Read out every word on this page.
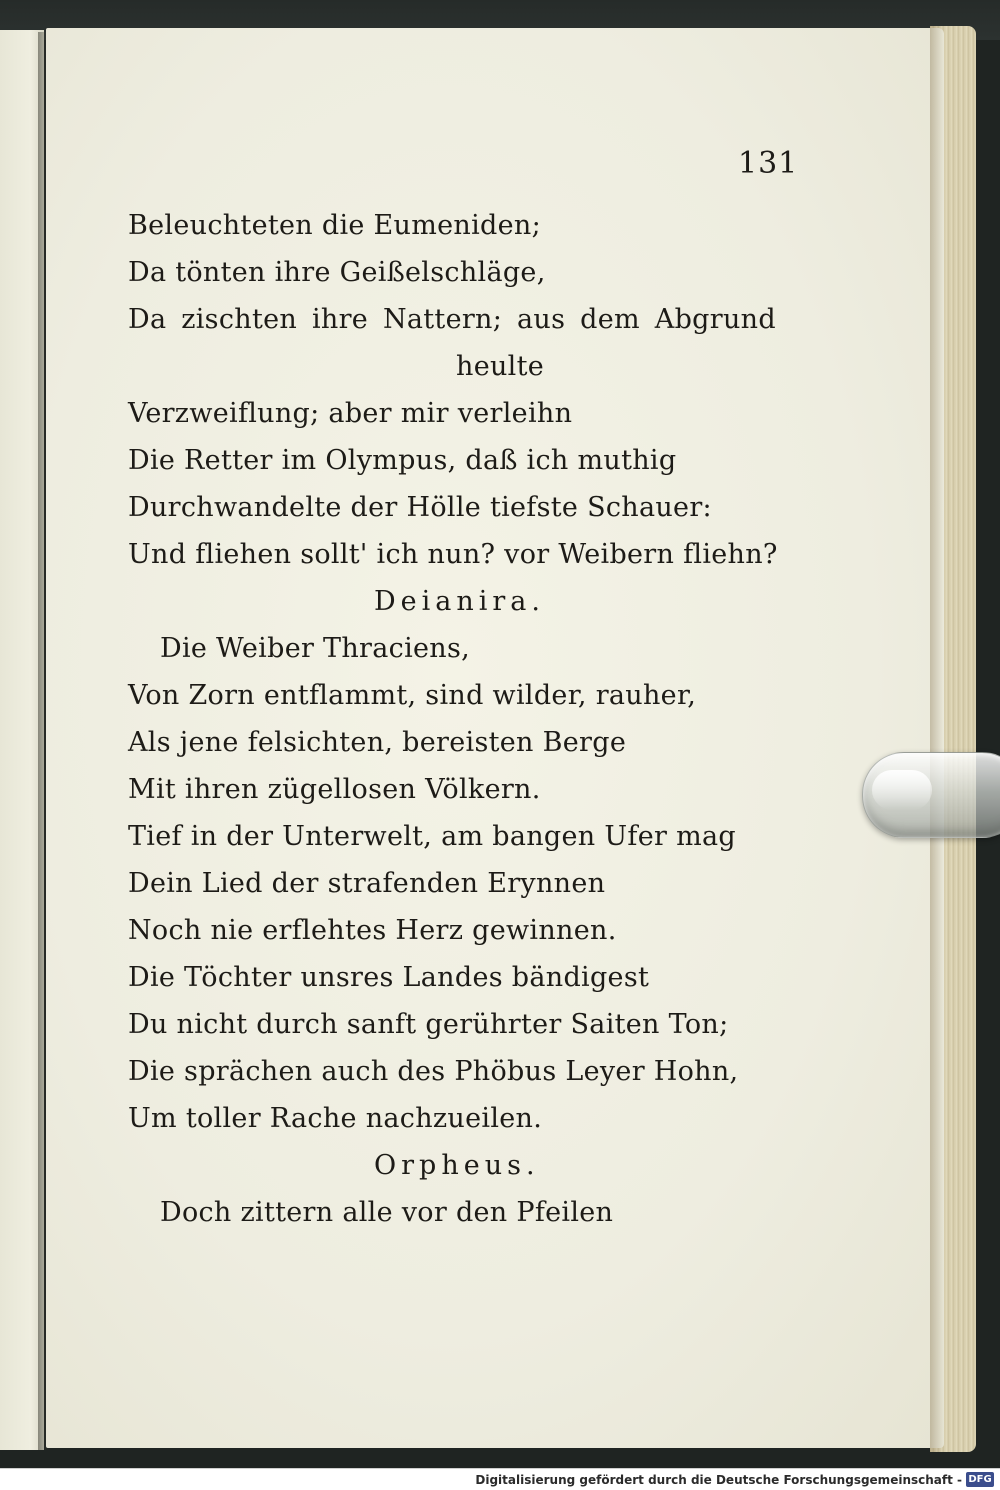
131
Beleuchteten die Eumeniden;
Da tönten ihre Geißelschläge,
Da zischten ihre Nattern; aus dem Abgrund
heulte
Verzweiflung; aber mir verleihn
Die Retter im Olympus, daß ich muthig
Durchwandelte der Hölle tiefste Schauer:
Und fliehen sollt' ich nun? vor Weibern fliehn?
Deianira.
Die Weiber Thraciens,
Von Zorn entflammt, sind wilder, rauher,
Als jene felsichten, bereisten Berge
Mit ihren zügellosen Völkern.
Tief in der Unterwelt, am bangen Ufer mag
Dein Lied der strafenden Erynnen
Noch nie erflehtes Herz gewinnen.
Die Töchter unsres Landes bändigest
Du nicht durch sanft gerührter Saiten Ton;
Die sprächen auch des Phöbus Leyer Hohn,
Um toller Rache nachzueilen.
Orpheus.
Doch zittern alle vor den Pfeilen
Digitalisierung gefördert durch die Deutsche Forschungsgemeinschaft - DFG
